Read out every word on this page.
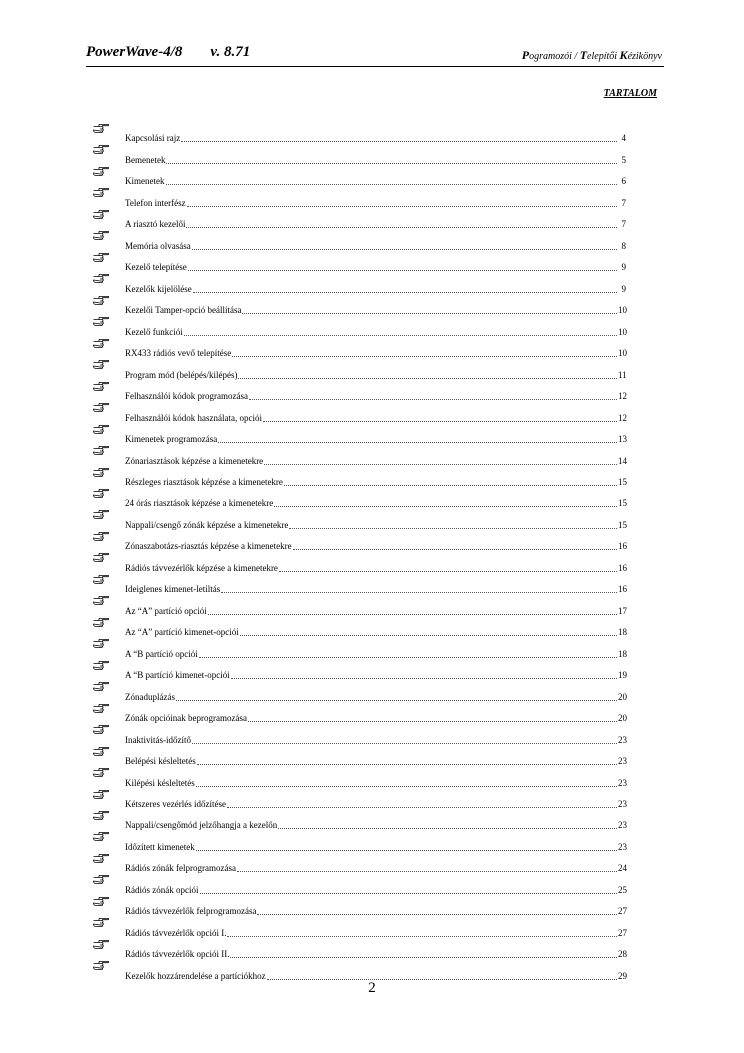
PowerWave-4/8 v. 8.71	Pogramozói / Telepítői Kézikönyv
TARTALOM
Kapcsolási rajz	4
Bemenetek	5
Kimenetek	6
Telefon interfész	7
A riasztó kezelői	7
Memória olvasása	8
Kezelő telepítése	9
Kezelők kijelölése	9
Kezelői Tamper-opció beállítása	10
Kezelő funkciói	10
RX433 rádiós vevő telepítése	10
Program mód (belépés/kilépés)	11
Felhasználói kódok programozása	12
Felhasználói kódok használata, opciói	12
Kimenetek programozása	13
Zónariasztások képzése a kimenetekre	14
Részleges riasztások képzése a kimenetekre	15
24 órás riasztások képzése a kimenetekre	15
Nappali/csengő zónák képzése a kimenetekre	15
Zónaszabotázs-riasztás képzése a kimenetekre	16
Rádiós távvezérlők képzése a kimenetekre	16
Ideiglenes kimenet-letiltás	16
Az “A” partíció opciói	17
Az “A” partíció kimenet-opciói	18
A “B partíció opciói	18
A “B partíció kimenet-opciói	19
Zónaduplázás	20
Zónák opcióinak beprogramozása	20
Inaktivitás-időzítő	23
Belépési késleltetés	23
Kilépési késleltetés	23
Kétszeres vezérlés időzítése	23
Nappali/csengőmód jelzőhangja a kezelőn	23
Időzített kimenetek	23
Rádiós zónák felprogramozása	24
Rádiós zónák opciói	25
Rádiós távvezérlők felprogramozása	27
Rádiós távvezérlők opciói I.	27
Rádiós távvezérlők opciói II.	28
Kezelők hozzárendelése a partíciókhoz	29
2
